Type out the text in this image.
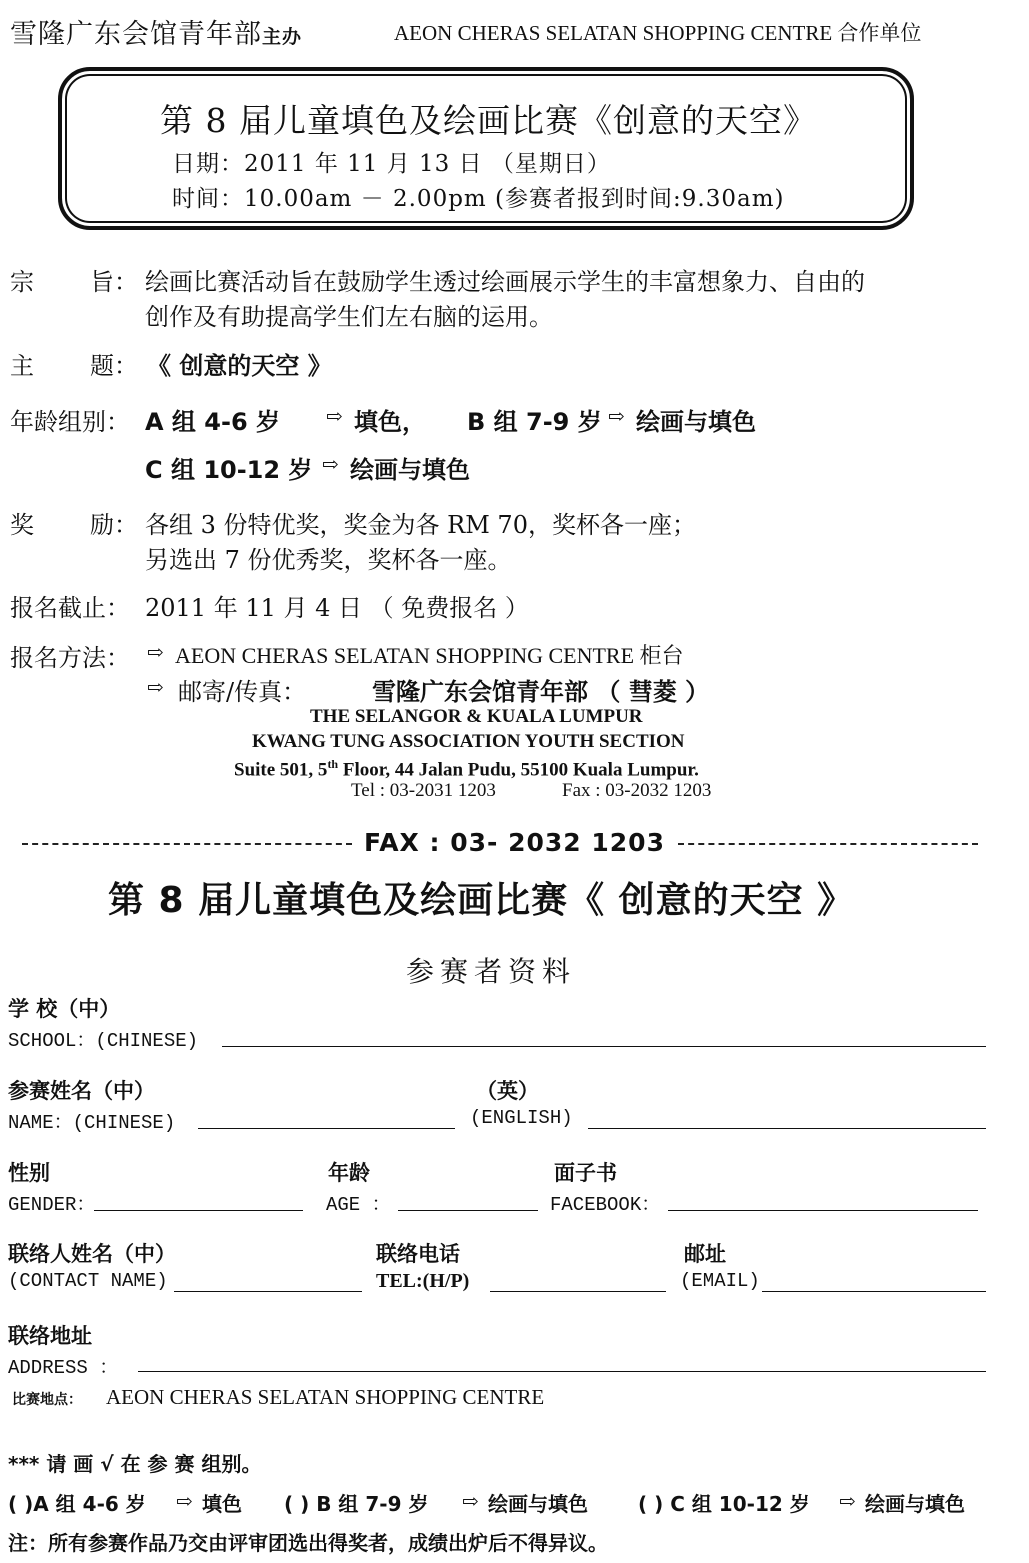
雪隆广东会馆青年部主办	AEON CHERAS SELATAN SHOPPING CENTRE 合作单位
第 8 届儿童填色及绘画比赛《创意的天空》
日期：2011 年 11 月 13 日 （星期日）
时间：10.00am － 2.00pm (参赛者报到时间:9.30am)
宗 旨： 绘画比赛活动旨在鼓励学生透过绘画展示学生的丰富想象力、自由的
创作及有助提高学生们左右脑的运用。
主 题： 《 创意的天空 》
年龄组别： A 组 4-6 岁 ⇨ 填色， B 组 7-9 岁 ⇨ 绘画与填色
C 组 10-12 岁 ⇨ 绘画与填色
奖 励： 各组 3 份特优奖，奖金为各 RM 70，奖杯各一座；
另选出 7 份优秀奖，奖杯各一座。
报名截止： 2011 年 11 月 4 日 （ 免费报名 ）
报名方法： ⇨ AEON CHERAS SELATAN SHOPPING CENTRE 柜台
⇨ 邮寄/传真：	雪隆广东会馆青年部 （ 彗菱 ）
THE SELANGOR & KUALA LUMPUR
KWANG TUNG ASSOCIATION YOUTH SECTION
Suite 501, 5th Floor, 44 Jalan Pudu, 55100 Kuala Lumpur.
Tel : 03-2031 1203	Fax : 03-2032 1203
FAX : 03- 2032 1203
第 8 届儿童填色及绘画比赛《 创意的天空 》
参赛者资料
学 校（中）
SCHOOL：(CHINESE)
参赛姓名（中）
NAME：(CHINESE)
（英）
(ENGLISH)
性别
GENDER：
年龄
AGE ：
面子书
FACEBOOK：
联络人姓名（中）
(CONTACT NAME)
联络电话
TEL:(H/P)
邮址
(EMAIL)
联络地址
ADDRESS ：
比赛地点： AEON CHERAS SELATAN SHOPPING CENTRE
*** 请 画 √ 在 参 赛 组别。
( )A 组 4-6 岁 ⇨ 填色 ( ) B 组 7-9 岁 ⇨ 绘画与填色	( ) C 组 10-12 岁 ⇨ 绘画与填色
注：所有参赛作品乃交由评审团选出得奖者，成绩出炉后不得异议。
